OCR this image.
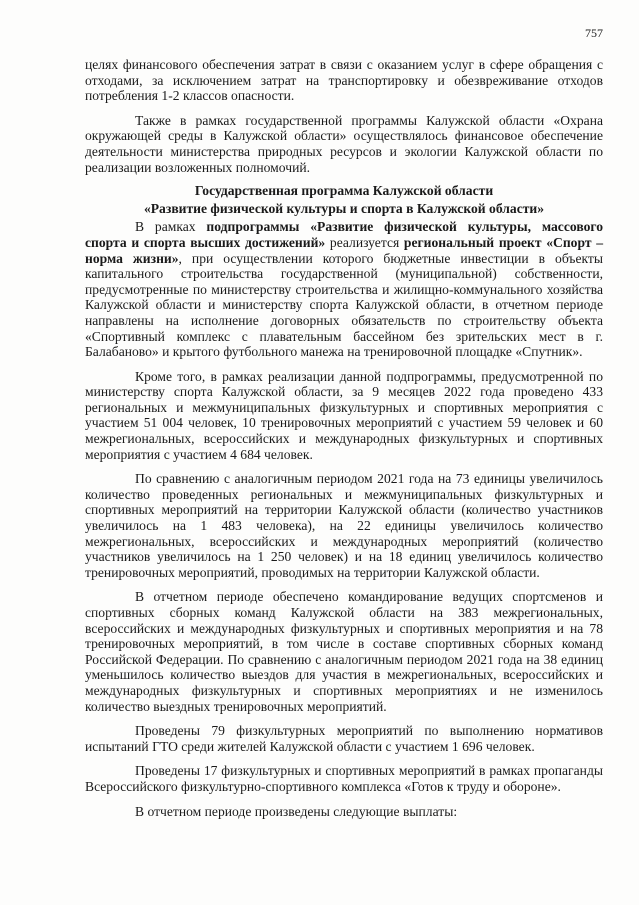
757

целях финансового обеспечения затрат в связи с оказанием услуг в сфере обращения с отходами, за исключением затрат на транспортировку и обезвреживание отходов потребления 1-2 классов опасности.

Также в рамках государственной программы Калужской области «Охрана окружающей среды в Калужской области» осуществлялось финансовое обеспечение деятельности министерства природных ресурсов и экологии Калужской области по реализации возложенных полномочий.

Государственная программа Калужской области
«Развитие физической культуры и спорта в Калужской области»

В рамках подпрограммы «Развитие физической культуры, массового спорта и спорта высших достижений» реализуется региональный проект «Спорт – норма жизни», при осуществлении которого бюджетные инвестиции в объекты капитального строительства государственной (муниципальной) собственности, предусмотренные по министерству строительства и жилищно-коммунального хозяйства Калужской области и министерству спорта Калужской области, в отчетном периоде направлены на исполнение договорных обязательств по строительству объекта «Спортивный комплекс с плавательным бассейном без зрительских мест в г. Балабаново» и крытого футбольного манежа на тренировочной площадке «Спутник».

Кроме того, в рамках реализации данной подпрограммы, предусмотренной по министерству спорта Калужской области, за 9 месяцев 2022 года проведено 433 региональных и межмуниципальных физкультурных и спортивных мероприятия с участием 51 004 человек, 10 тренировочных мероприятий с участием 59 человек и 60 межрегиональных, всероссийских и международных физкультурных и спортивных мероприятия с участием 4 684 человек.

По сравнению с аналогичным периодом 2021 года на 73 единицы увеличилось количество проведенных региональных и межмуниципальных физкультурных и спортивных мероприятий на территории Калужской области (количество участников увеличилось на 1 483 человека), на 22 единицы увеличилось количество межрегиональных, всероссийских и международных мероприятий (количество участников увеличилось на 1 250 человек) и на 18 единиц увеличилось количество тренировочных мероприятий, проводимых на территории Калужской области.

В отчетном периоде обеспечено командирование ведущих спортсменов и спортивных сборных команд Калужской области на 383 межрегиональных, всероссийских и международных физкультурных и спортивных мероприятия и на 78 тренировочных мероприятий, в том числе в составе спортивных сборных команд Российской Федерации. По сравнению с аналогичным периодом 2021 года на 38 единиц уменьшилось количество выездов для участия в межрегиональных, всероссийских и международных физкультурных и спортивных мероприятиях и не изменилось количество выездных тренировочных мероприятий.

Проведены 79 физкультурных мероприятий по выполнению нормативов испытаний ГТО среди жителей Калужской области с участием 1 696 человек.

Проведены 17 физкультурных и спортивных мероприятий в рамках пропаганды Всероссийского физкультурно-спортивного комплекса «Готов к труду и обороне».

В отчетном периоде произведены следующие выплаты:
